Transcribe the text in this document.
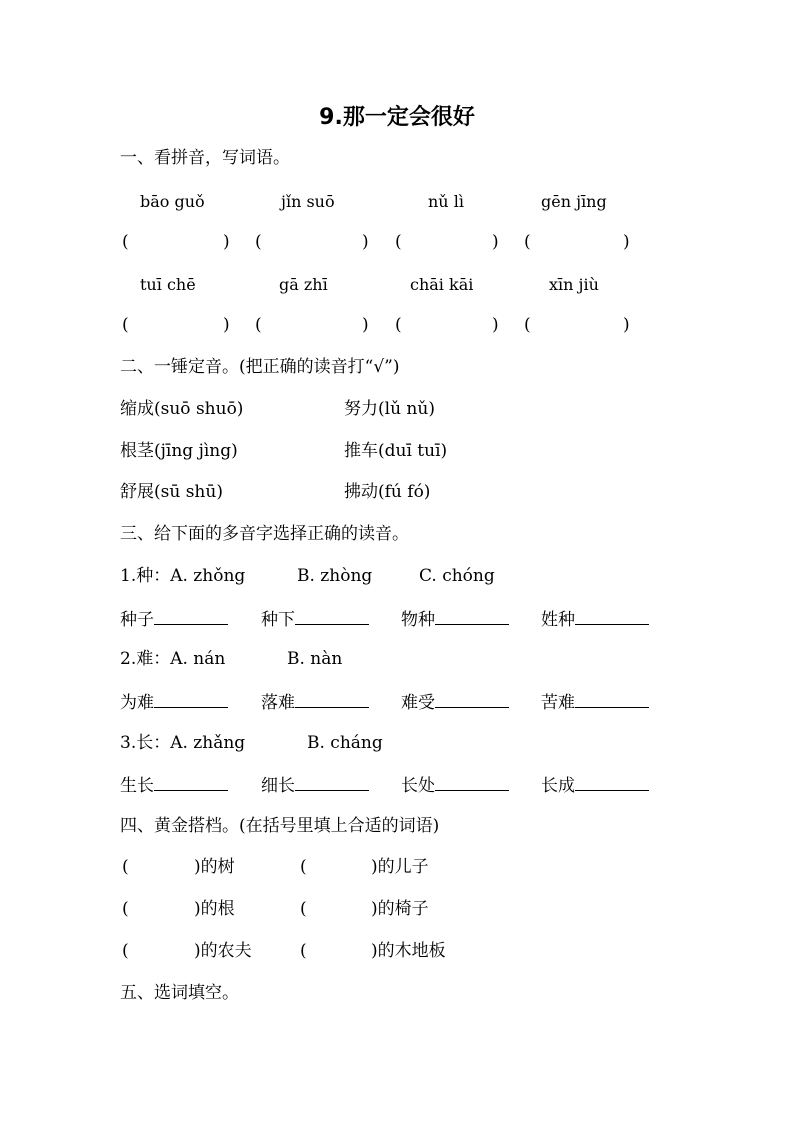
9.那一定会很好
一、看拼音，写词语。
bāo guǒ	jǐn suō	nǔ lì	gēn jīng
(	) (	) (	) (	)
tuī chē	gā zhī	chāi kāi	xīn jiù
(	) (	) (	) (	)
二、一锤定音。(把正确的读音打“√”)
缩成(suō shuō)	努力(lǔ nǔ)
根茎(jīng jìng)	推车(duī tuī)
舒展(sū shū)	拂动(fú fó)
三、给下面的多音字选择正确的读音。
1.种：A. zhǒng	B. zhòng	C. chóng
种子	种下	物种	姓种
2.难：A. nán	B. nàn
为难	落难	难受	苦难
3.长：A. zhǎng	B. cháng
生长	细长	长处	长成
四、黄金搭档。(在括号里填上合适的词语)
(	)的树	(	)的儿子
(	)的根	(	)的椅子
(	)的农夫	(	)的木地板
五、选词填空。
